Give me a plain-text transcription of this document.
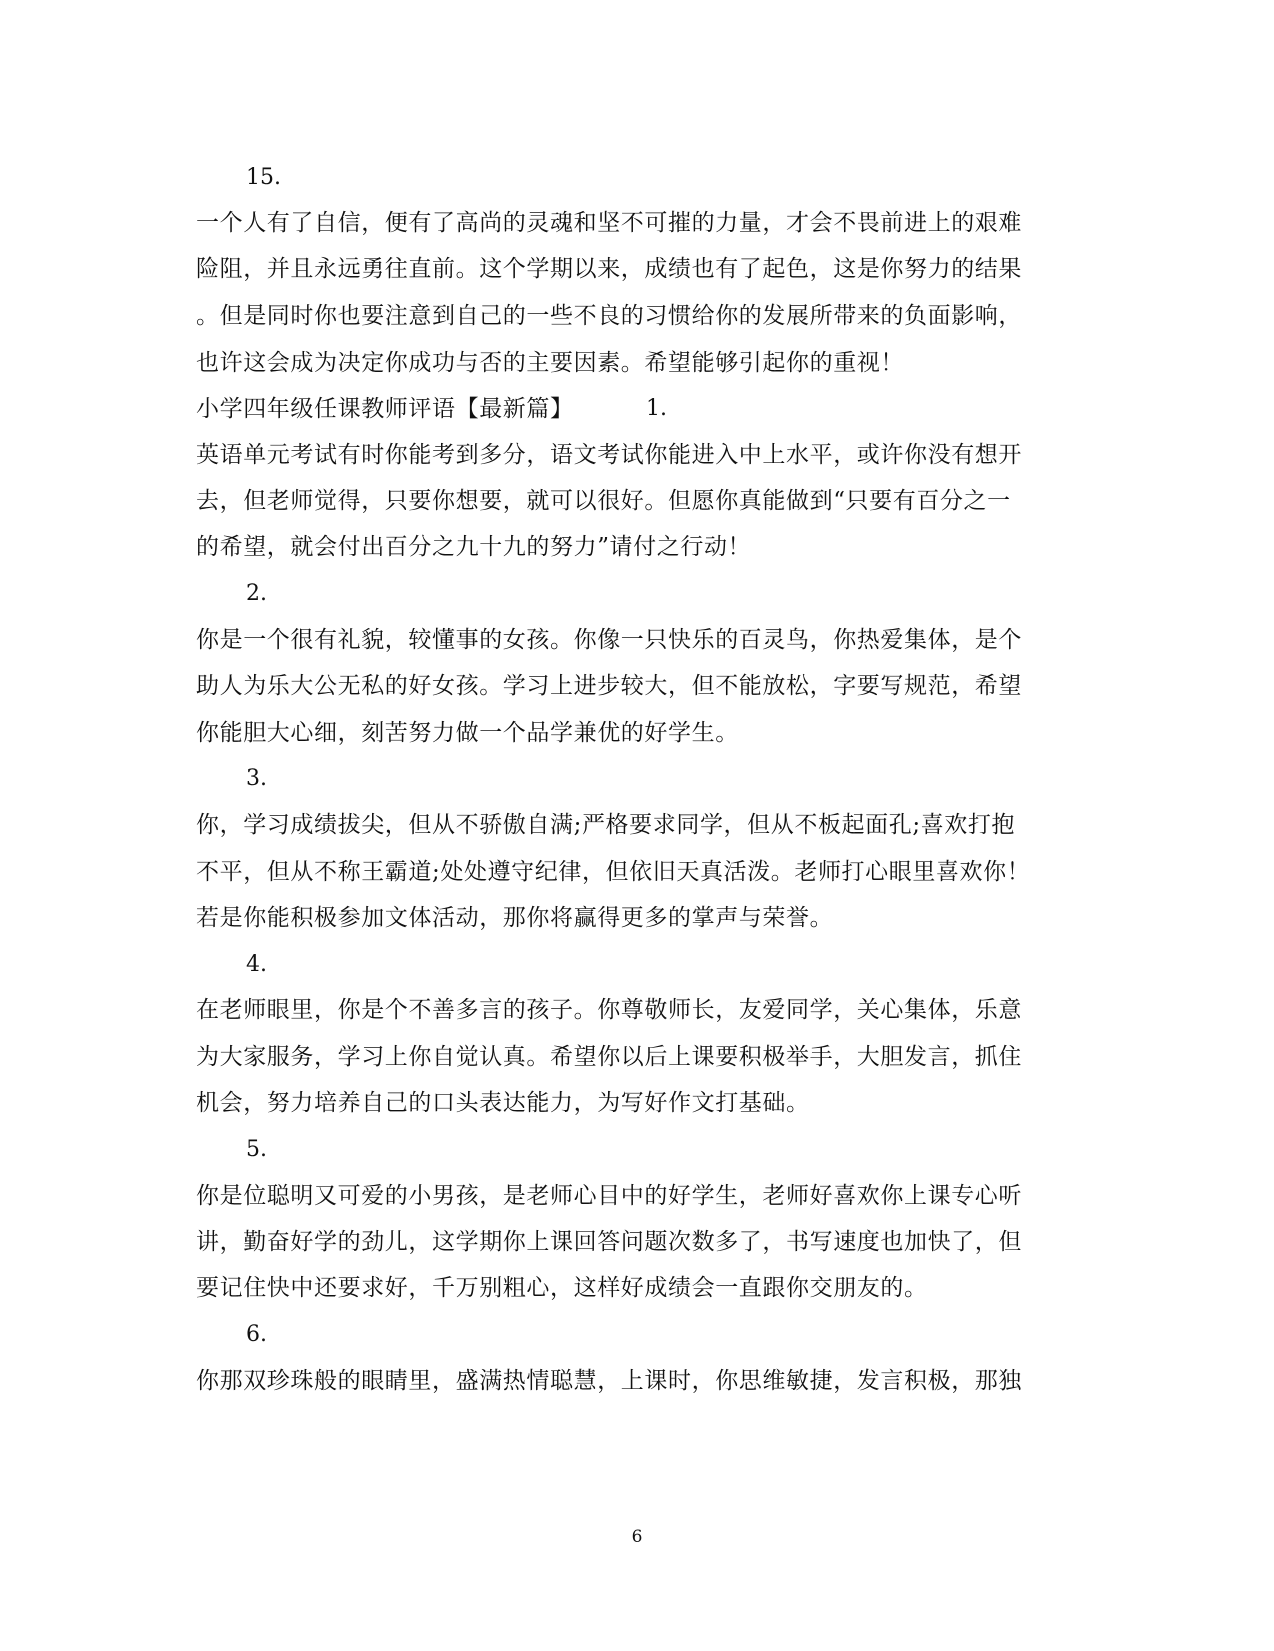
15.
一个人有了自信，便有了高尚的灵魂和坚不可摧的力量，才会不畏前进上的艰难
险阻，并且永远勇往直前。这个学期以来，成绩也有了起色，这是你努力的结果
。但是同时你也要注意到自己的一些不良的习惯给你的发展所带来的负面影响，
也许这会成为决定你成功与否的主要因素。希望能够引起你的重视！
小学四年级任课教师评语【最新篇】	1.
英语单元考试有时你能考到多分，语文考试你能进入中上水平，或许你没有想开
去，但老师觉得，只要你想要，就可以很好。但愿你真能做到“只要有百分之一
的希望，就会付出百分之九十九的努力”请付之行动！
2.
你是一个很有礼貌，较懂事的女孩。你像一只快乐的百灵鸟，你热爱集体，是个
助人为乐大公无私的好女孩。学习上进步较大，但不能放松，字要写规范，希望
你能胆大心细，刻苦努力做一个品学兼优的好学生。
3.
你，学习成绩拔尖，但从不骄傲自满;严格要求同学，但从不板起面孔;喜欢打抱
不平，但从不称王霸道;处处遵守纪律，但依旧天真活泼。老师打心眼里喜欢你！
若是你能积极参加文体活动，那你将赢得更多的掌声与荣誉。
4.
在老师眼里，你是个不善多言的孩子。你尊敬师长，友爱同学，关心集体，乐意
为大家服务，学习上你自觉认真。希望你以后上课要积极举手，大胆发言，抓住
机会，努力培养自己的口头表达能力，为写好作文打基础。
5.
你是位聪明又可爱的小男孩，是老师心目中的好学生，老师好喜欢你上课专心听
讲，勤奋好学的劲儿，这学期你上课回答问题次数多了，书写速度也加快了，但
要记住快中还要求好，千万别粗心，这样好成绩会一直跟你交朋友的。
6.
你那双珍珠般的眼睛里，盛满热情聪慧，上课时，你思维敏捷，发言积极，那独
6
